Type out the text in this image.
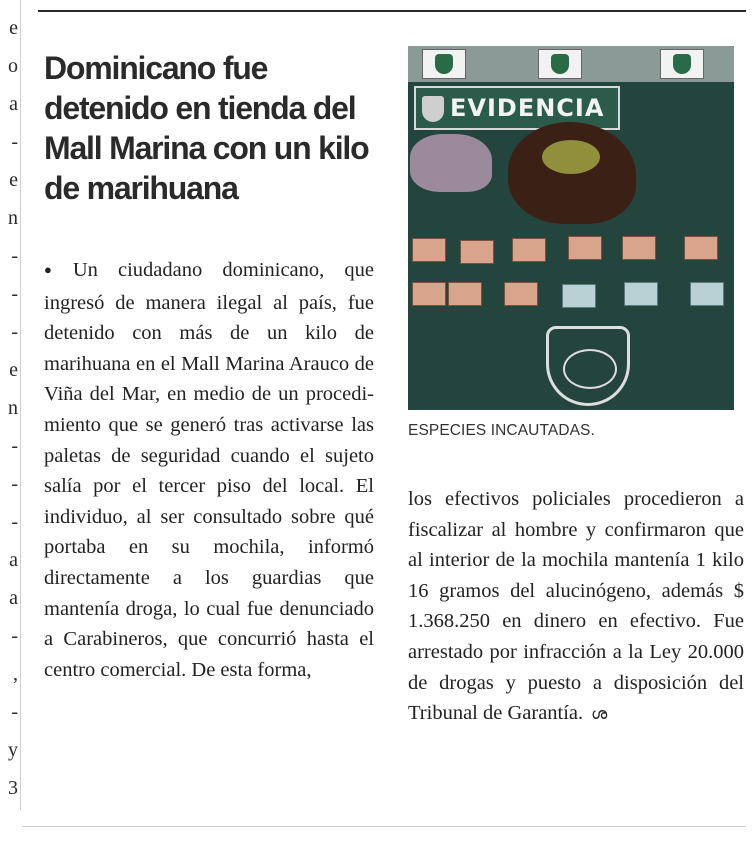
e
o
a
-
e
n
-
-
-
e
n
-
-
-
a
a
-
,
-
y
3
Dominicano fue detenido en tienda del Mall Marina con un kilo de marihuana

● Un ciudadano dominicano, que ingresó de manera ilegal al país, fue detenido con más de un kilo de marihuana en el Mall Marina Arauco de Viña del Mar, en medio de un procedimiento que se generó tras activarse las paletas de seguridad cuando el sujeto salía por el tercer piso del local. El individuo, al ser consultado sobre qué portaba en su mochila, informó directamente a los guardias que mantenía droga, lo cual fue denunciado a Carabineros, que concurrió hasta el centro comercial. De esta forma,

EVIDENCIA

ESPECIES INCAUTADAS.

los efectivos policiales procedieron a fiscalizar al hombre y confirmaron que al interior de la mochila mantenía 1 kilo 16 gramos del alucinógeno, además $ 1.368.250 en dinero en efectivo. Fue arrestado por infracción a la Ley 20.000 de drogas y puesto a disposición del Tribunal de Garantía. ശ
